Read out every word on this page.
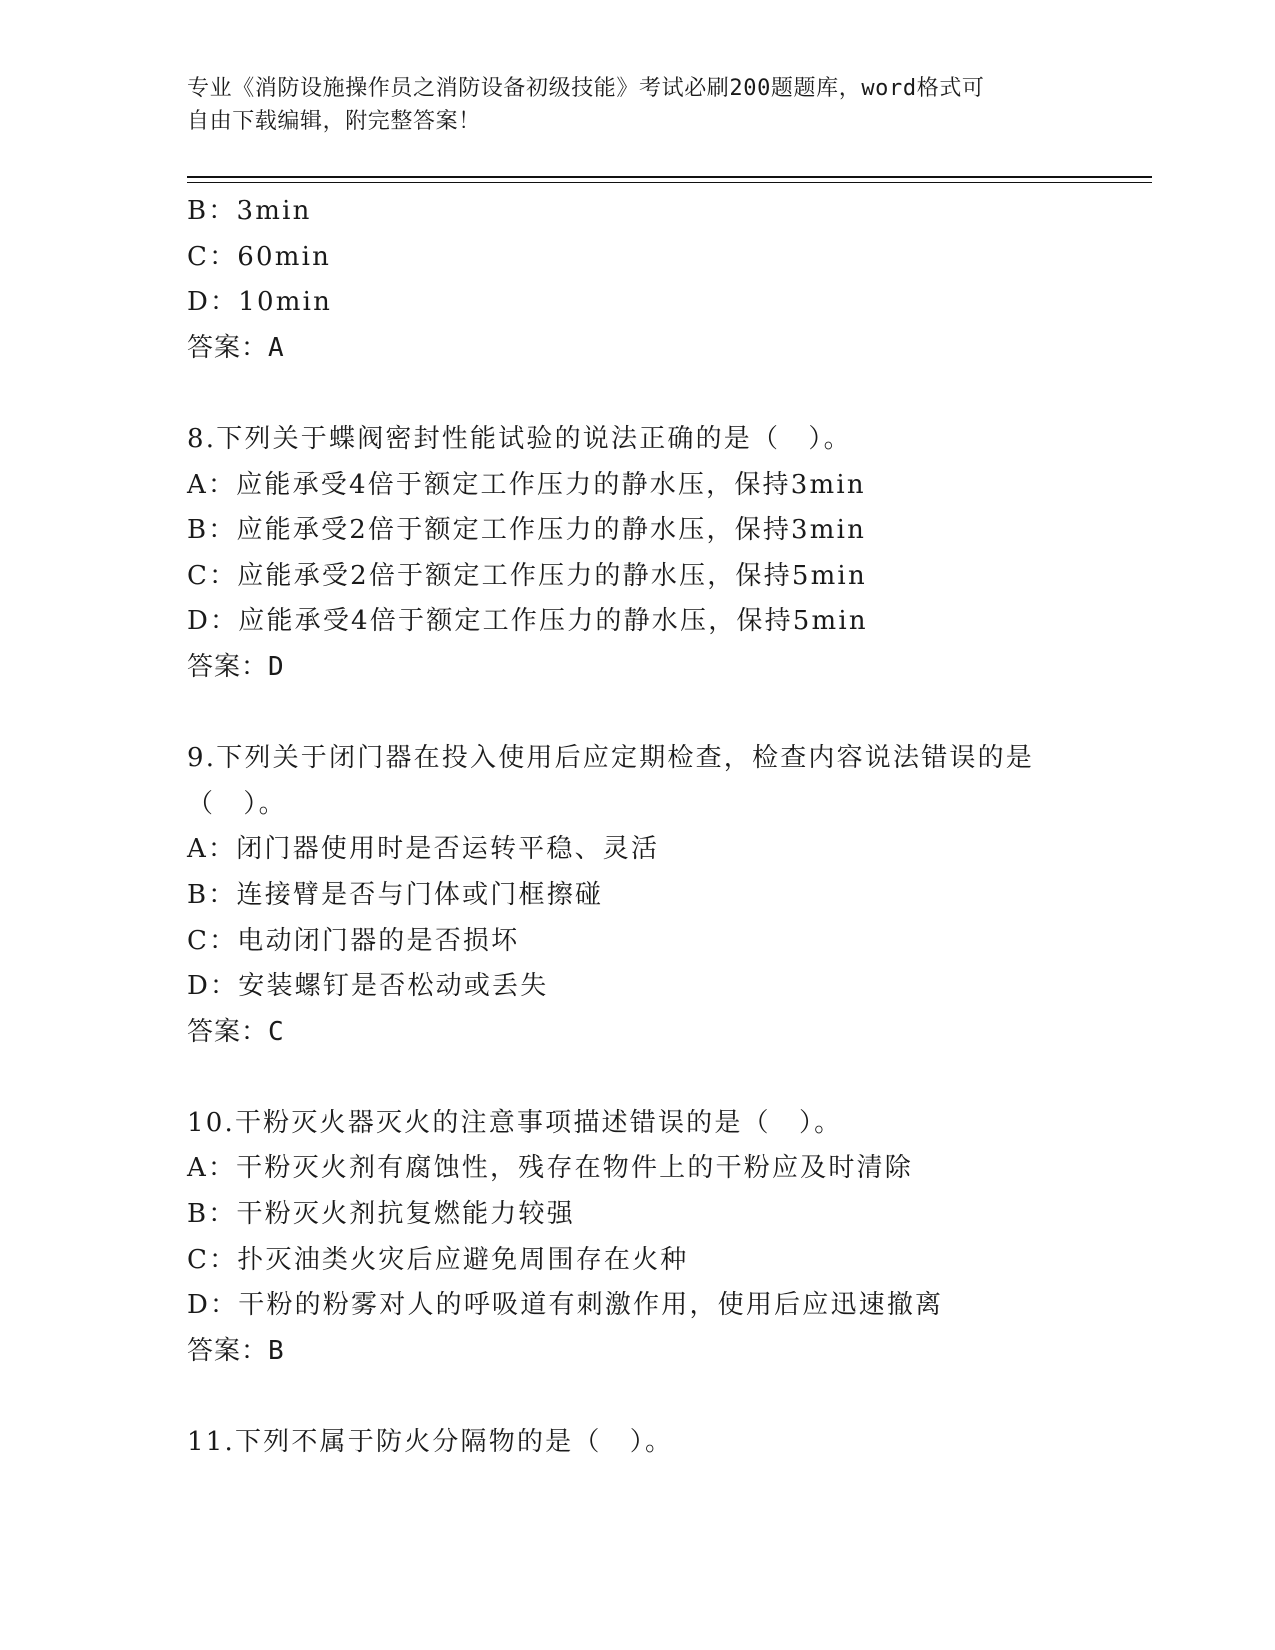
专业《消防设施操作员之消防设备初级技能》考试必刷200题题库，word格式可
自由下载编辑，附完整答案！
B：3min
C：60min
D：10min
答案：A
8.下列关于蝶阀密封性能试验的说法正确的是（　）。
A：应能承受4倍于额定工作压力的静水压，保持3min
B：应能承受2倍于额定工作压力的静水压，保持3min
C：应能承受2倍于额定工作压力的静水压，保持5min
D：应能承受4倍于额定工作压力的静水压，保持5min
答案：D
9.下列关于闭门器在投入使用后应定期检查，检查内容说法错误的是
（　）。
A：闭门器使用时是否运转平稳、灵活
B：连接臂是否与门体或门框擦碰
C：电动闭门器的是否损坏
D：安装螺钉是否松动或丢失
答案：C
10.干粉灭火器灭火的注意事项描述错误的是（　）。
A：干粉灭火剂有腐蚀性，残存在物件上的干粉应及时清除
B：干粉灭火剂抗复燃能力较强
C：扑灭油类火灾后应避免周围存在火种
D：干粉的粉雾对人的呼吸道有刺激作用，使用后应迅速撤离
答案：B
11.下列不属于防火分隔物的是（　）。
